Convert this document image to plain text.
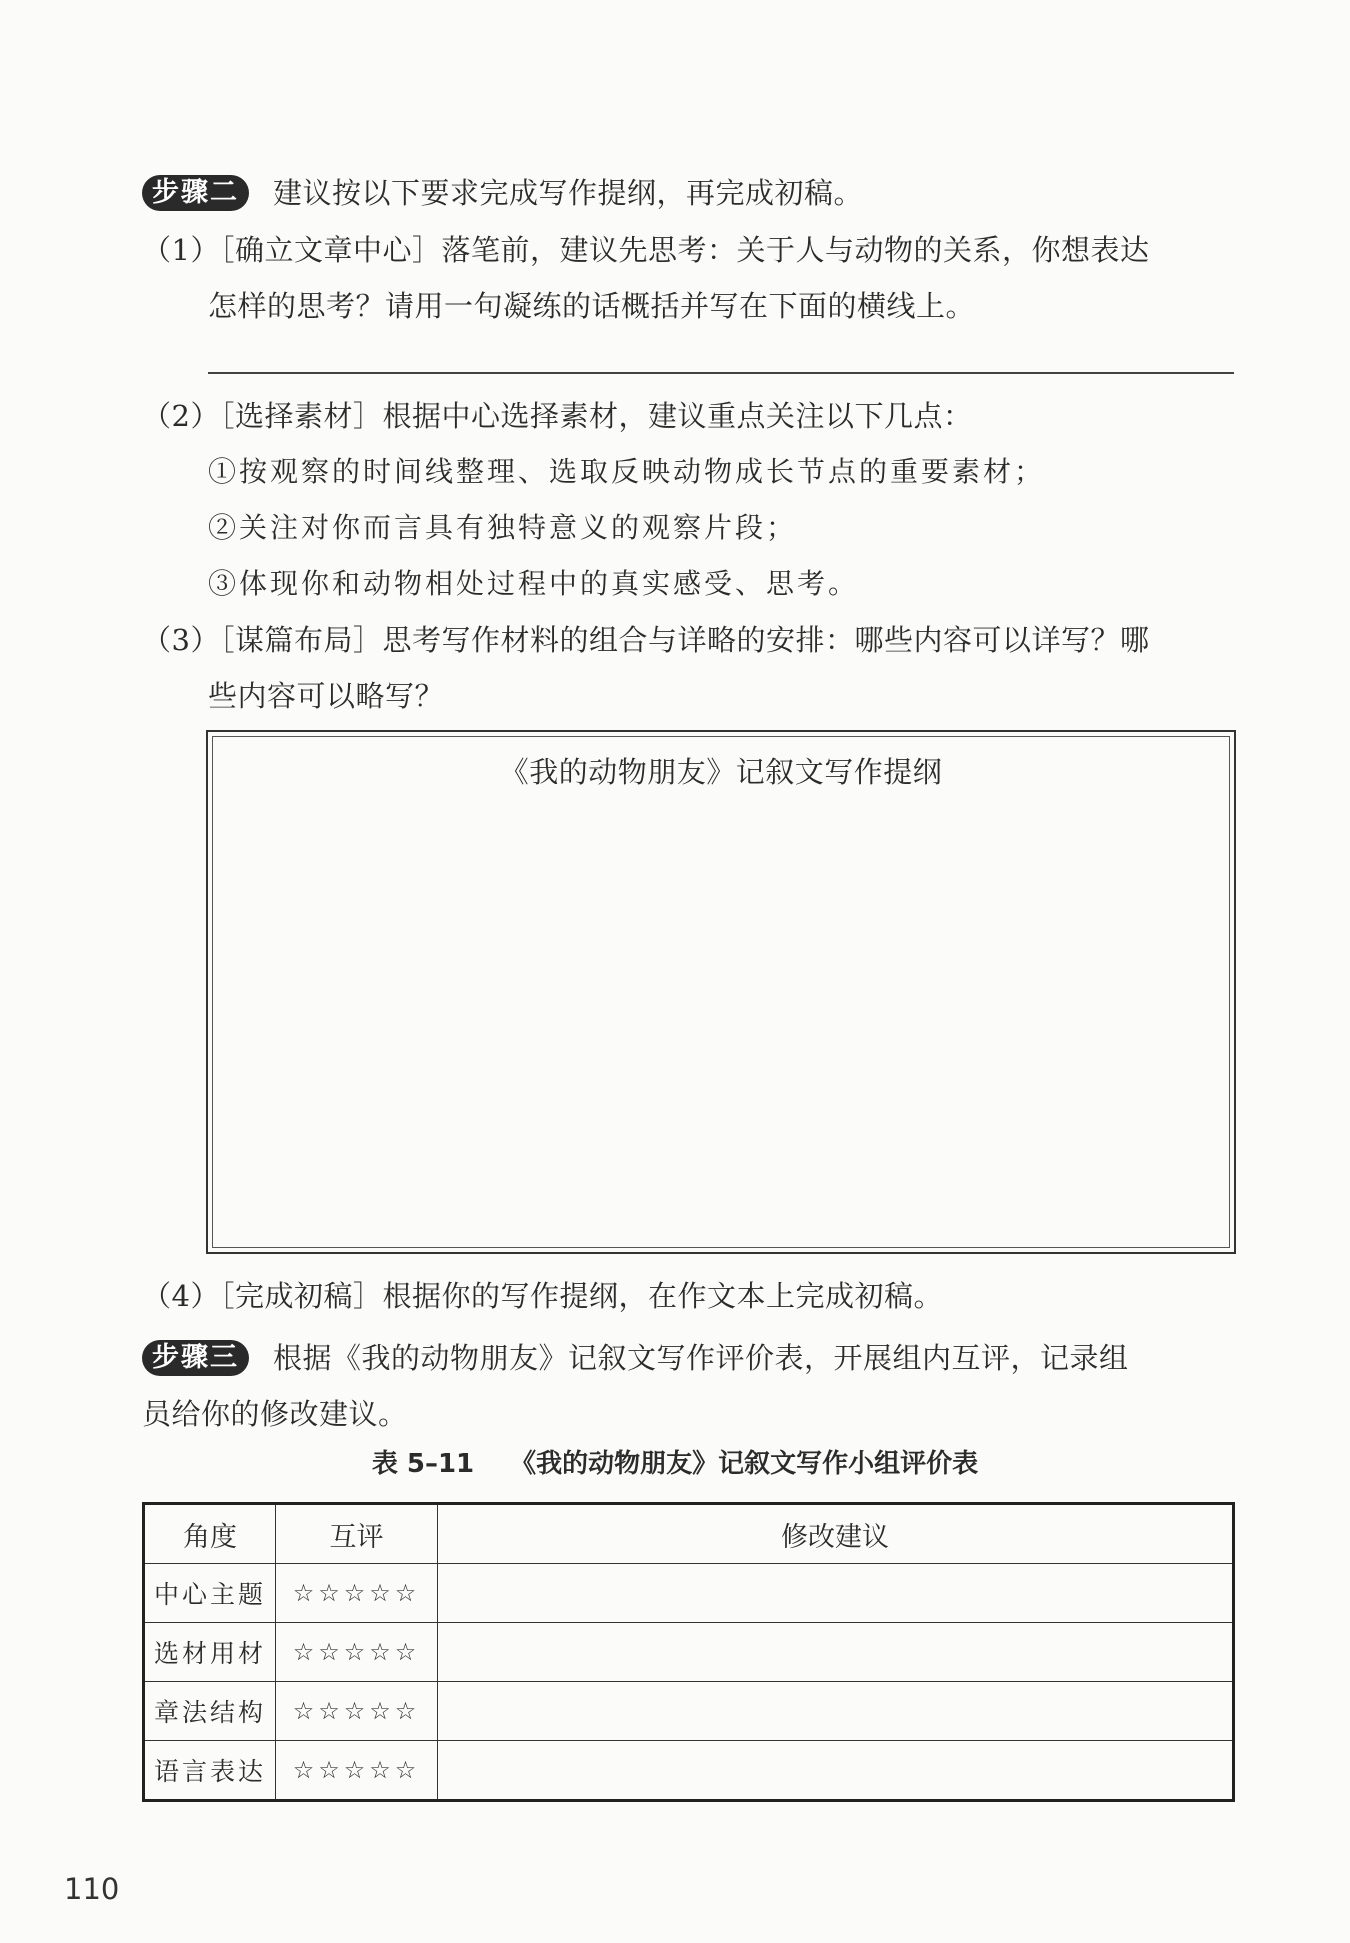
步骤二 建议按以下要求完成写作提纲，再完成初稿。
（1）［确立文章中心］落笔前，建议先思考：关于人与动物的关系，你想表达
怎样的思考？请用一句凝练的话概括并写在下面的横线上。
（2）［选择素材］根据中心选择素材，建议重点关注以下几点：
①按观察的时间线整理、选取反映动物成长节点的重要素材；
②关注对你而言具有独特意义的观察片段；
③体现你和动物相处过程中的真实感受、思考。
（3）［谋篇布局］思考写作材料的组合与详略的安排：哪些内容可以详写？哪
些内容可以略写？
《我的动物朋友》记叙文写作提纲
（4）［完成初稿］根据你的写作提纲，在作文本上完成初稿。
步骤三 根据《我的动物朋友》记叙文写作评价表，开展组内互评，记录组
员给你的修改建议。
表 5–11 《我的动物朋友》记叙文写作小组评价表
角度	互评	修改建议
中心主题	☆☆☆☆☆	
选材用材	☆☆☆☆☆	
章法结构	☆☆☆☆☆	
语言表达	☆☆☆☆☆	
110
